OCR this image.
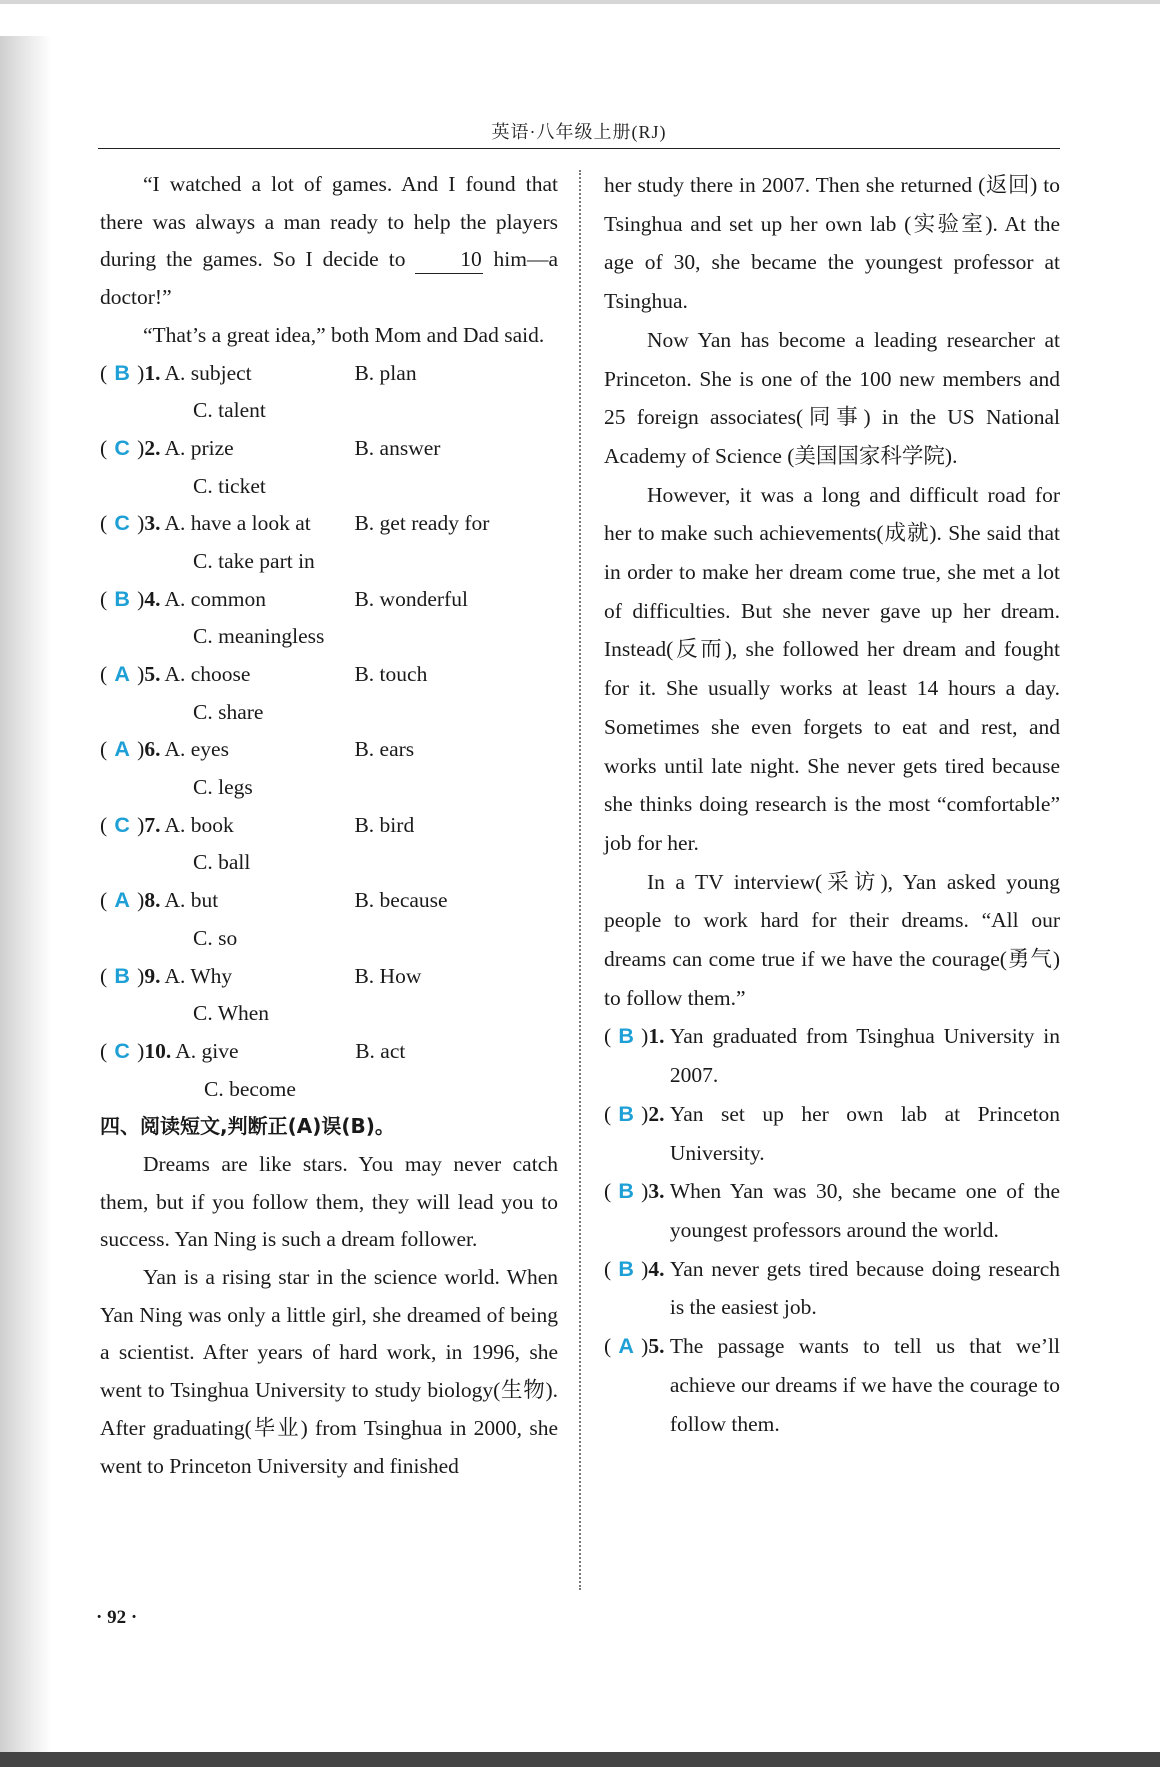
英语·八年级上册(RJ)

“I watched a lot of games. And I found that there was always a man ready to help the players during the games. So I decide to	10 him—a doctor!”

“That’s a great idea,” both Mom and Dad said.

( B ) 1. A. subject	B. plan
C. talent
( C ) 2. A. prize	B. answer
C. ticket
( C ) 3. A. have a look at	B. get ready for
C. take part in
( B ) 4. A. common	B. wonderful
C. meaningless
( A ) 5. A. choose	B. touch
C. share
( A ) 6. A. eyes	B. ears
C. legs
( C ) 7. A. book	B. bird
C. ball
( A ) 8. A. but	B. because
C. so
( B ) 9. A. Why	B. How
C. When
( C ) 10. A. give	B. act
C. become
四、阅读短文,判断正(A)误(B)。

Dreams are like stars. You may never catch them, but if you follow them, they will lead you to success. Yan Ning is such a dream follower.

Yan is a rising star in the science world. When Yan Ning was only a little girl, she dreamed of being a scientist. After years of hard work, in 1996, she went to Tsinghua University to study biology(生物). After graduating(毕业) from Tsinghua in 2000, she went to Princeton University and finished

her study there in 2007. Then she returned (返回) to Tsinghua and set up her own lab (实验室). At the age of 30, she became the youngest professor at Tsinghua.

Now Yan has become a leading researcher at Princeton. She is one of the 100 new members and 25 foreign associates(同事) in the US National Academy of Science (美国国家科学院).

However, it was a long and difficult road for her to make such achievements(成就). She said that in order to make her dream come true, she met a lot of difficulties. But she never gave up her dream. Instead(反而), she followed her dream and fought for it. She usually works at least 14 hours a day. Sometimes she even forgets to eat and rest, and works until late night. She never gets tired because she thinks doing research is the most “comfortable” job for her.

In a TV interview(采访), Yan asked young people to work hard for their dreams. “All our dreams can come true if we have the courage(勇气) to follow them.”

( B )1. Yan graduated from Tsinghua University in 2007.
( B )2. Yan set up her own lab at Princeton University.
( B )3. When Yan was 30, she became one of the youngest professors around the world.
( B )4. Yan never gets tired because doing research is the easiest job.
( A )5. The passage wants to tell us that we’ll achieve our dreams if we have the courage to follow them.
· 92 ·
